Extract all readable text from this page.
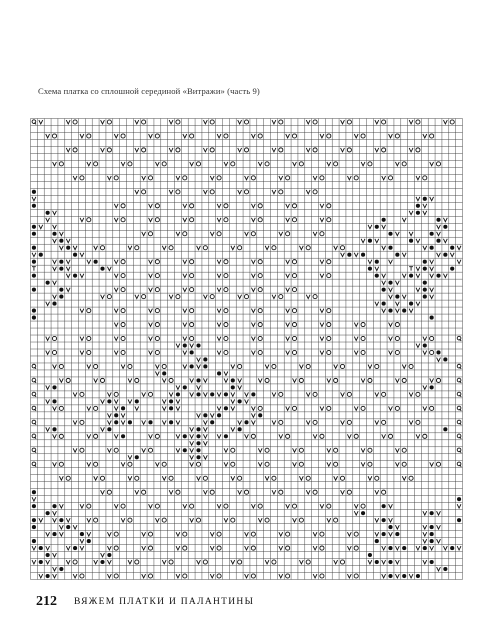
Схема платка со сплошной серединой «Витражи» (часть 9)
212 ВЯЖЕМ ПЛАТКИ И ПАЛАНТИНЫ
